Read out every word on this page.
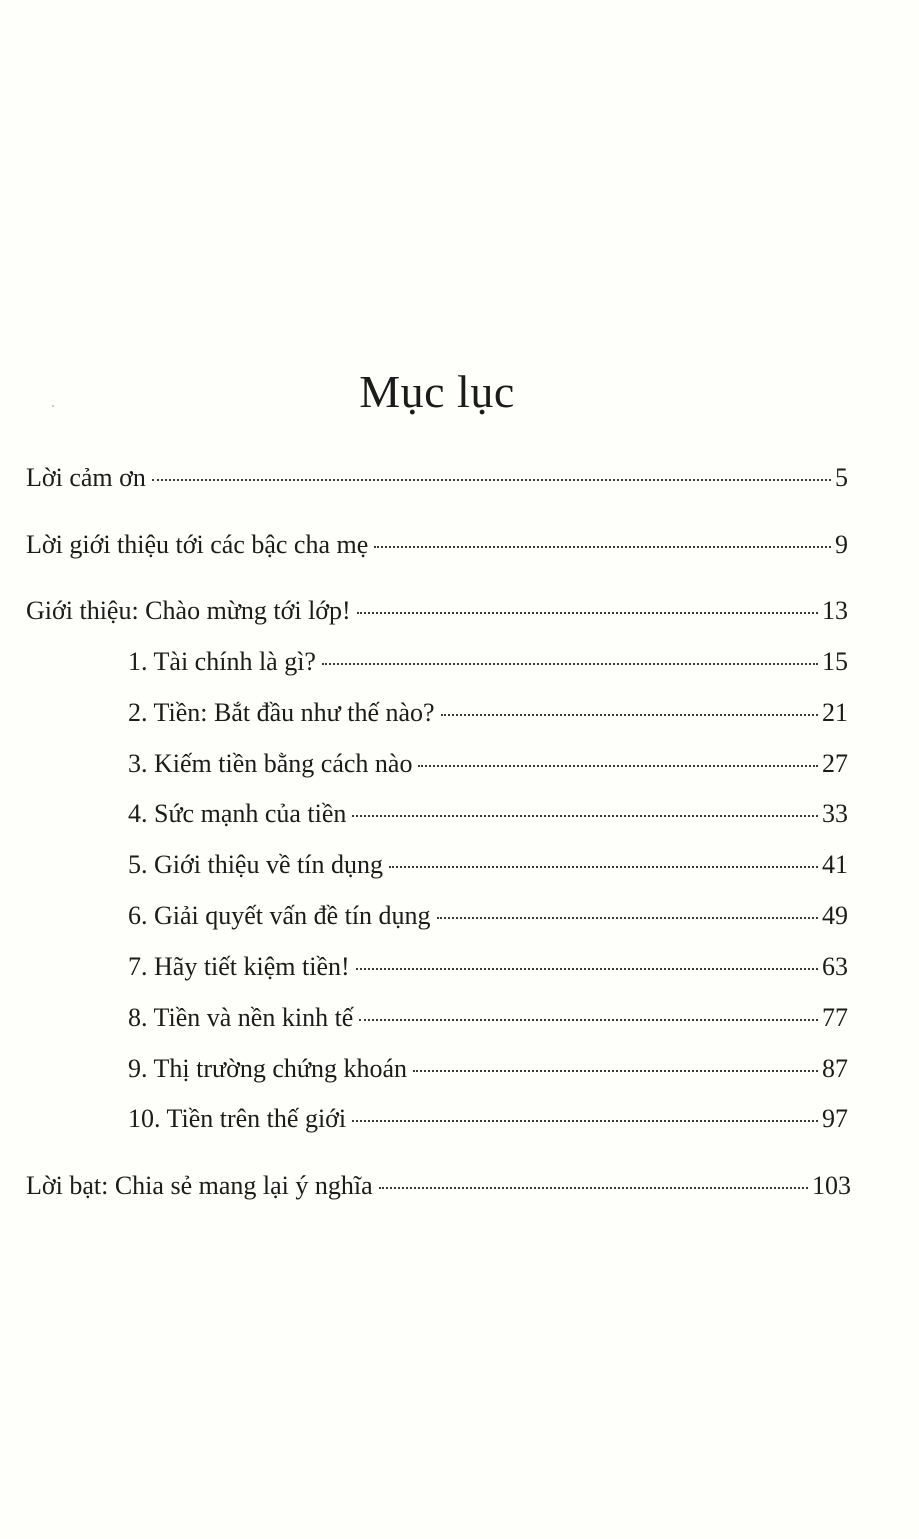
Mục lục
Lời cảm ơn	5
Lời giới thiệu tới các bậc cha mẹ	9
Giới thiệu: Chào mừng tới lớp!	13
1. Tài chính là gì?	15
2. Tiền: Bắt đầu như thế nào?	21
3. Kiếm tiền bằng cách nào	27
4. Sức mạnh của tiền	33
5. Giới thiệu về tín dụng	41
6. Giải quyết vấn đề tín dụng	49
7. Hãy tiết kiệm tiền!	63
8. Tiền và nền kinh tế	77
9. Thị trường chứng khoán	87
10. Tiền trên thế giới	97
Lời bạt: Chia sẻ mang lại ý nghĩa	103
